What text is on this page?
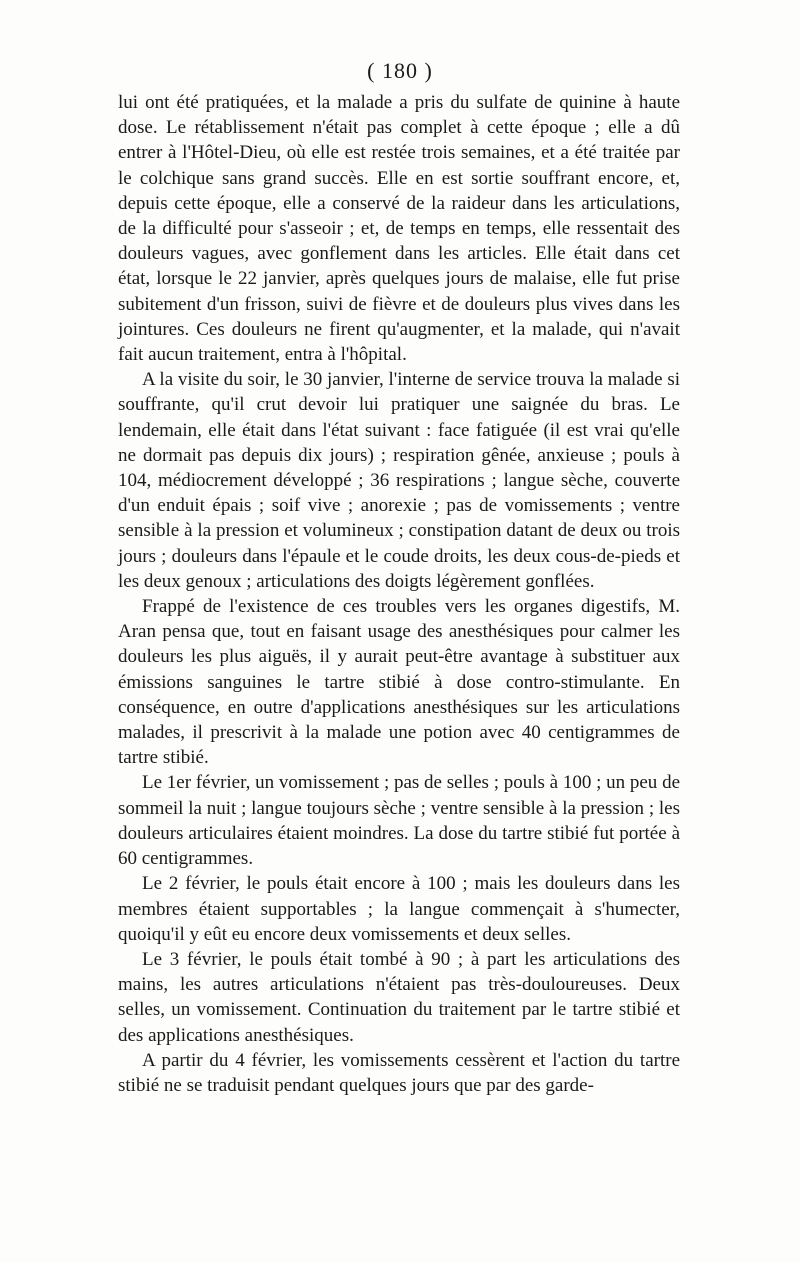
( 180 )

lui ont été pratiquées, et la malade a pris du sulfate de quinine à haute dose. Le rétablissement n'était pas complet à cette époque ; elle a dû entrer à l'Hôtel-Dieu, où elle est restée trois semaines, et a été traitée par le colchique sans grand succès. Elle en est sortie souffrant encore, et, depuis cette époque, elle a conservé de la raideur dans les articulations, de la difficulté pour s'asseoir ; et, de temps en temps, elle ressentait des douleurs vagues, avec gonflement dans les articles. Elle était dans cet état, lorsque le 22 janvier, après quelques jours de malaise, elle fut prise subitement d'un frisson, suivi de fièvre et de douleurs plus vives dans les jointures. Ces douleurs ne firent qu'augmenter, et la malade, qui n'avait fait aucun traitement, entra à l'hôpital.

A la visite du soir, le 30 janvier, l'interne de service trouva la malade si souffrante, qu'il crut devoir lui pratiquer une saignée du bras. Le lendemain, elle était dans l'état suivant : face fatiguée (il est vrai qu'elle ne dormait pas depuis dix jours) ; respiration gênée, anxieuse ; pouls à 104, médiocrement développé ; 36 respirations ; langue sèche, couverte d'un enduit épais ; soif vive ; anorexie ; pas de vomissements ; ventre sensible à la pression et volumineux ; constipation datant de deux ou trois jours ; douleurs dans l'épaule et le coude droits, les deux cous-de-pieds et les deux genoux ; articulations des doigts légèrement gonflées.

Frappé de l'existence de ces troubles vers les organes digestifs, M. Aran pensa que, tout en faisant usage des anesthésiques pour calmer les douleurs les plus aiguës, il y aurait peut-être avantage à substituer aux émissions sanguines le tartre stibié à dose contro-stimulante. En conséquence, en outre d'applications anesthésiques sur les articulations malades, il prescrivit à la malade une potion avec 40 centigrammes de tartre stibié.

Le 1er février, un vomissement ; pas de selles ; pouls à 100 ; un peu de sommeil la nuit ; langue toujours sèche ; ventre sensible à la pression ; les douleurs articulaires étaient moindres. La dose du tartre stibié fut portée à 60 centigrammes.

Le 2 février, le pouls était encore à 100 ; mais les douleurs dans les membres étaient supportables ; la langue commençait à s'humecter, quoiqu'il y eût eu encore deux vomissements et deux selles.

Le 3 février, le pouls était tombé à 90 ; à part les articulations des mains, les autres articulations n'étaient pas très-douloureuses. Deux selles, un vomissement. Continuation du traitement par le tartre stibié et des applications anesthésiques.

A partir du 4 février, les vomissements cessèrent et l'action du tartre stibié ne se traduisit pendant quelques jours que par des garde-
